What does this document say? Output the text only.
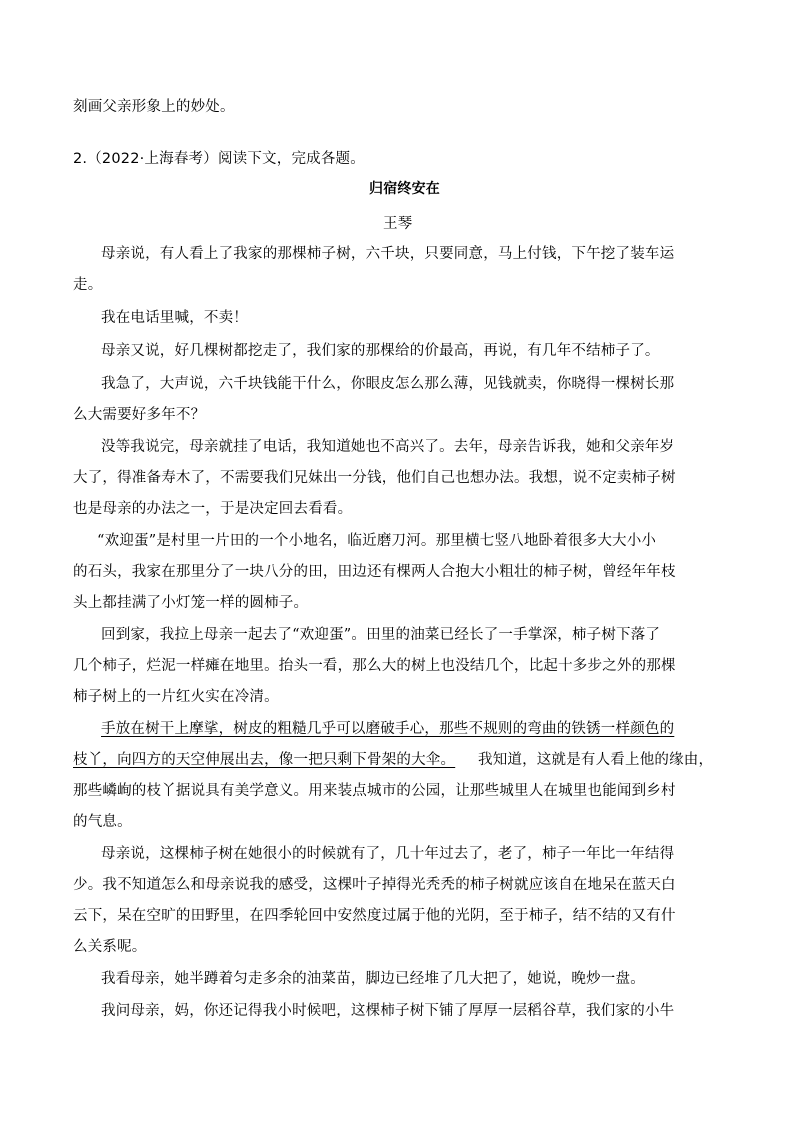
刻画父亲形象上的妙处。
2.（2022·上海春考）阅读下文，完成各题。
归宿终安在
王琴
母亲说，有人看上了我家的那棵柿子树，六千块，只要同意，马上付钱，下午挖了装车运
走。
我在电话里喊，不卖！
母亲又说，好几棵树都挖走了，我们家的那棵给的价最高，再说，有几年不结柿子了。
我急了，大声说，六千块钱能干什么，你眼皮怎么那么薄，见钱就卖，你晓得一棵树长那
么大需要好多年不？
没等我说完，母亲就挂了电话，我知道她也不高兴了。去年，母亲告诉我，她和父亲年岁
大了，得准备寿木了，不需要我们兄妹出一分钱，他们自己也想办法。我想，说不定卖柿子树
也是母亲的办法之一，于是决定回去看看。
“欢迎蛋”是村里一片田的一个小地名，临近磨刀河。那里横七竖八地卧着很多大大小小
的石头，我家在那里分了一块八分的田，田边还有棵两人合抱大小粗壮的柿子树，曾经年年枝
头上都挂满了小灯笼一样的圆柿子。
回到家，我拉上母亲一起去了“欢迎蛋”。田里的油菜已经长了一手掌深，柿子树下落了
几个柿子，烂泥一样瘫在地里。抬头一看，那么大的树上也没结几个，比起十多步之外的那棵
柿子树上的一片红火实在冷清。
手放在树干上摩挲，树皮的粗糙几乎可以磨破手心，那些不规则的弯曲的铁锈一样颜色的
枝丫，向四方的天空伸展出去，像一把只剩下骨架的大伞。 我知道，这就是有人看上他的缘由，
那些嶙峋的枝丫据说具有美学意义。用来装点城市的公园，让那些城里人在城里也能闻到乡村
的气息。
母亲说，这棵柿子树在她很小的时候就有了，几十年过去了，老了，柿子一年比一年结得
少。我不知道怎么和母亲说我的感受，这棵叶子掉得光秃秃的柿子树就应该自在地呆在蓝天白
云下，呆在空旷的田野里，在四季轮回中安然度过属于他的光阴，至于柿子，结不结的又有什
么关系呢。
我看母亲，她半蹲着匀走多余的油菜苗，脚边已经堆了几大把了，她说，晚炒一盘。
我问母亲，妈，你还记得我小时候吧，这棵柿子树下铺了厚厚一层稻谷草，我们家的小牛
